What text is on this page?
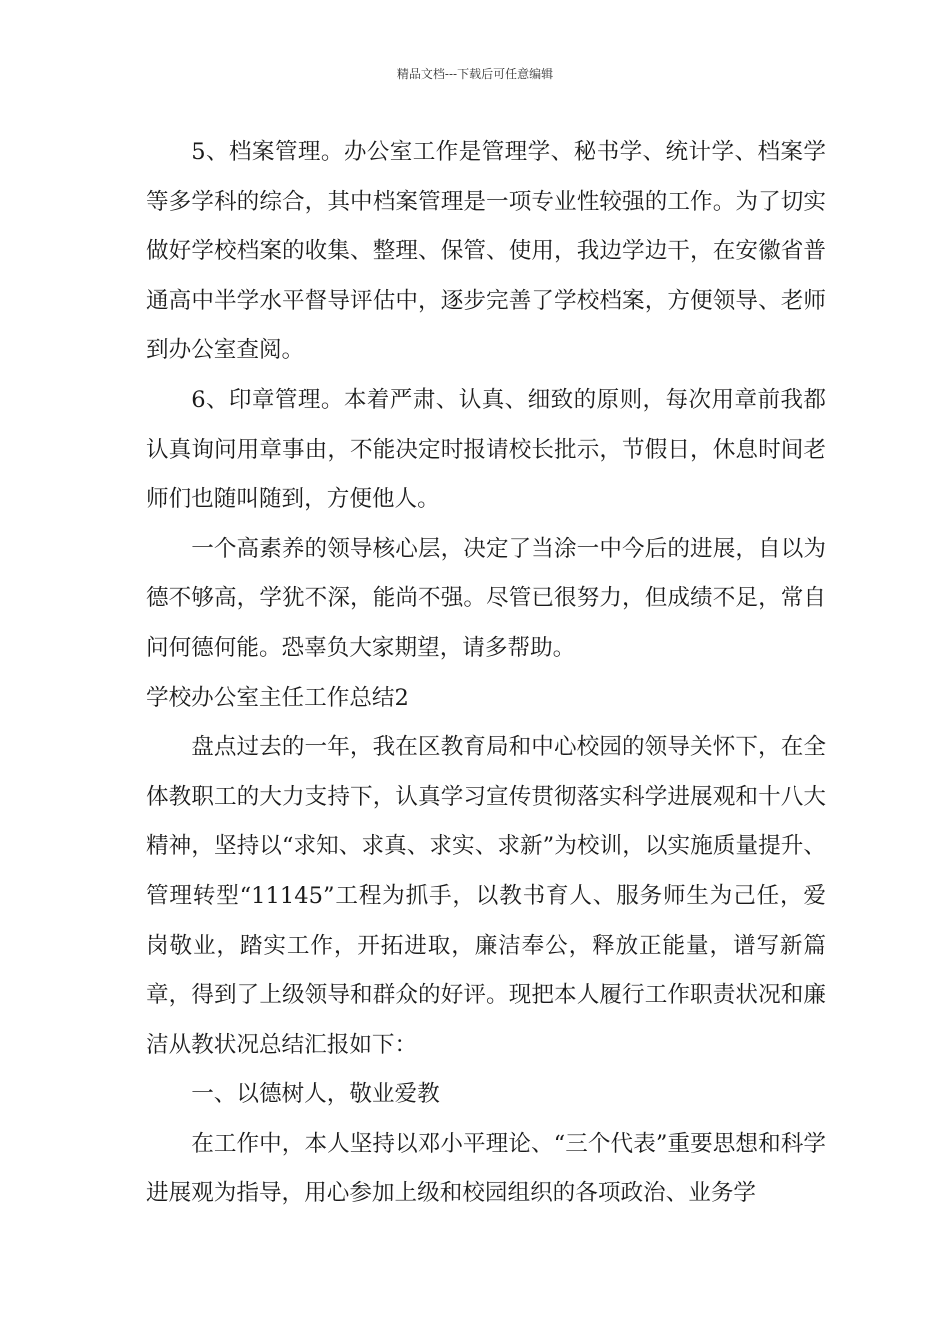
精品文档---下载后可任意编辑

5、档案管理。办公室工作是管理学、秘书学、统计学、档案学等多学科的综合，其中档案管理是一项专业性较强的工作。为了切实做好学校档案的收集、整理、保管、使用，我边学边干，在安徽省普通高中半学水平督导评估中，逐步完善了学校档案，方便领导、老师到办公室查阅。

6、印章管理。本着严肃、认真、细致的原则，每次用章前我都认真询问用章事由，不能决定时报请校长批示，节假日，休息时间老师们也随叫随到，方便他人。

一个高素养的领导核心层，决定了当涂一中今后的进展，自以为德不够高，学犹不深，能尚不强。尽管已很努力，但成绩不足，常自问何德何能。恐辜负大家期望，请多帮助。

学校办公室主任工作总结2

盘点过去的一年，我在区教育局和中心校园的领导关怀下，在全体教职工的大力支持下，认真学习宣传贯彻落实科学进展观和十八大精神，坚持以“求知、求真、求实、求新”为校训，以实施质量提升、管理转型“11145”工程为抓手，以教书育人、服务师生为己任，爱岗敬业，踏实工作，开拓进取，廉洁奉公，释放正能量，谱写新篇章，得到了上级领导和群众的好评。现把本人履行工作职责状况和廉洁从教状况总结汇报如下：

一、以德树人，敬业爱教

在工作中，本人坚持以邓小平理论、“三个代表”重要思想和科学进展观为指导，用心参加上级和校园组织的各项政治、业务学
